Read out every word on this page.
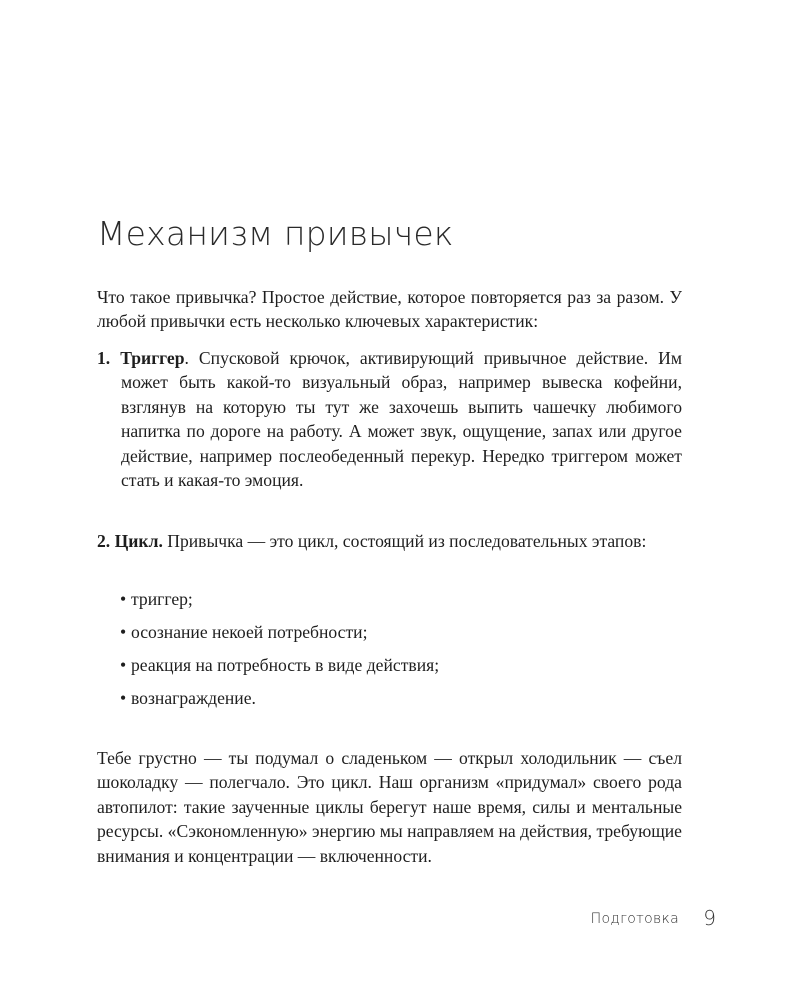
Механизм привычек

Что такое привычка? Простое действие, которое повторяется раз за разом. У любой привычки есть несколько ключевых характеристик:

1. Триггер. Спусковой крючок, активирующий привычное действие. Им может быть какой-то визуальный образ, например вывеска кофейни, взглянув на которую ты тут же захочешь выпить чашечку любимого напитка по дороге на работу. А может звук, ощущение, запах или другое действие, например послеобеденный перекур. Нередко триггером может стать и какая-то эмоция.

2. Цикл. Привычка — это цикл, состоящий из последовательных этапов:

• триггер;
• осознание некоей потребности;
• реакция на потребность в виде действия;
• вознаграждение.

Тебе грустно — ты подумал о сладеньком — открыл холодильник — съел шоколадку — полегчало. Это цикл. Наш организм «придумал» своего рода автопилот: такие заученные циклы берегут наше время, силы и ментальные ресурсы. «Сэкономленную» энергию мы направляем на действия, требующие внимания и концентрации — включенности.

Подготовка 9
